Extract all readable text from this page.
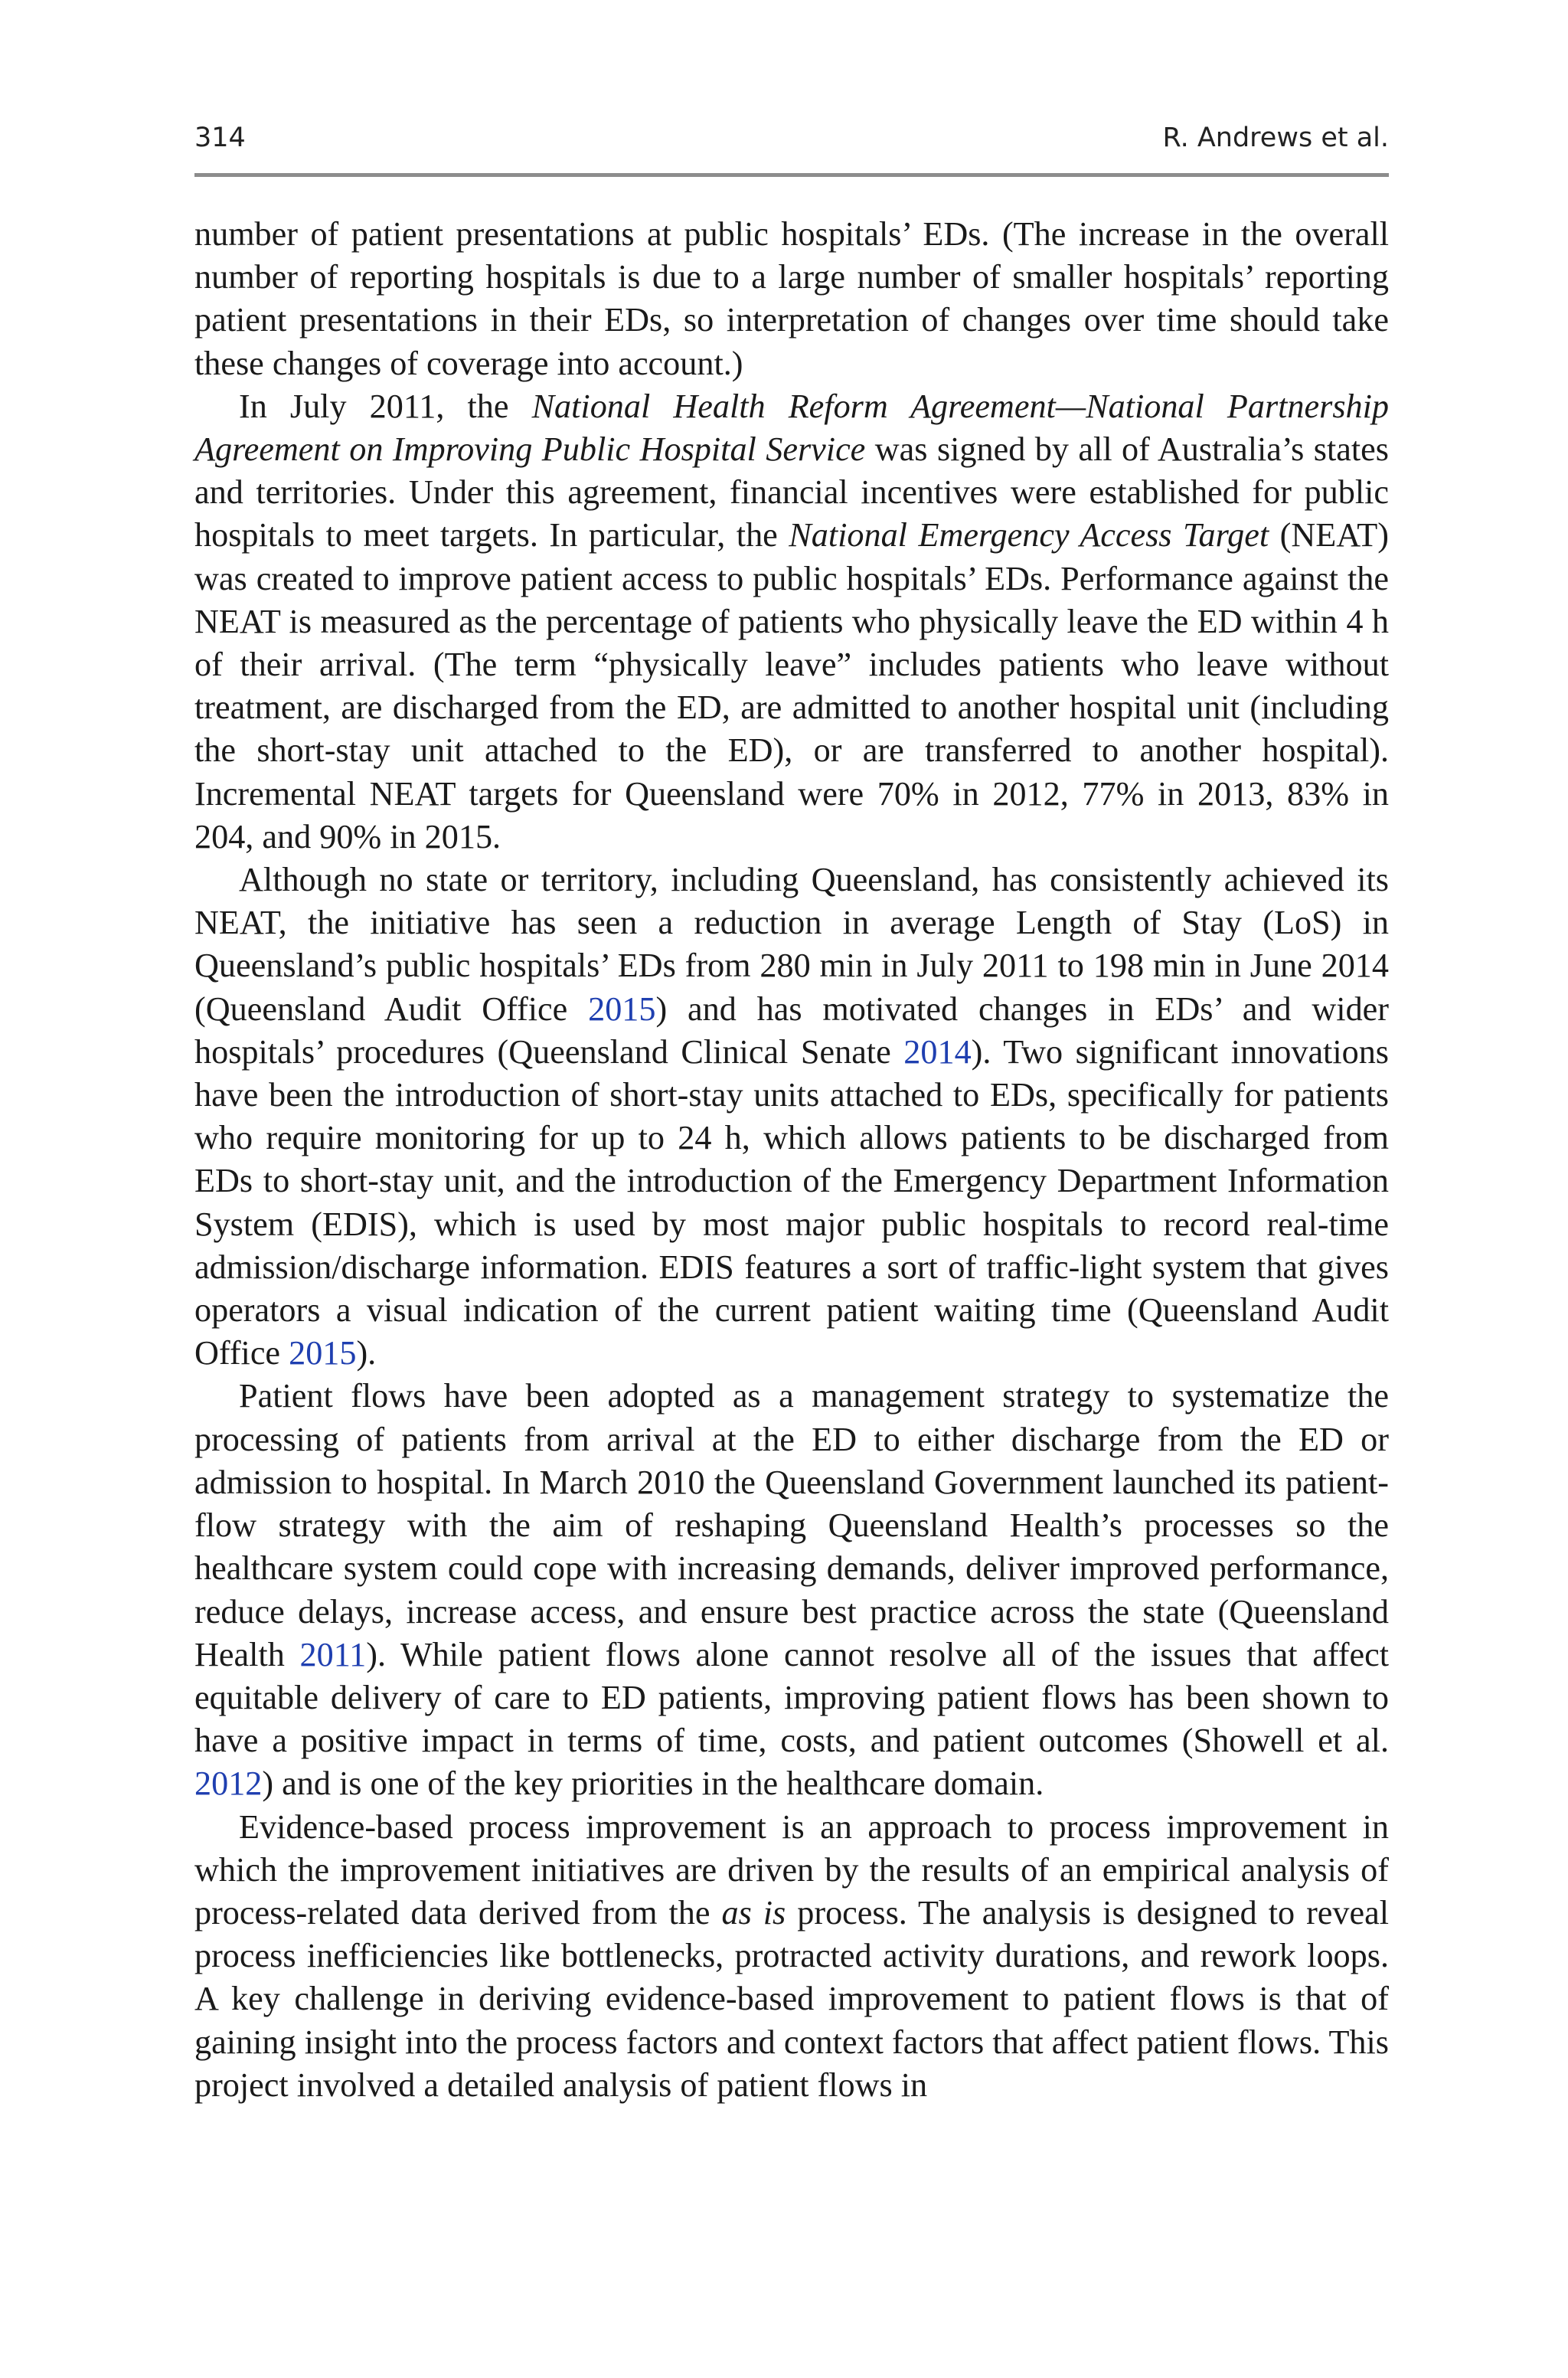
314	R. Andrews et al.

number of patient presentations at public hospitals’ EDs. (The increase in the overall number of reporting hospitals is due to a large number of smaller hospitals’ reporting patient presentations in their EDs, so interpretation of changes over time should take these changes of coverage into account.)

In July 2011, the National Health Reform Agreement—National Partnership Agreement on Improving Public Hospital Service was signed by all of Australia’s states and territories. Under this agreement, financial incentives were established for public hospitals to meet targets. In particular, the National Emergency Access Target (NEAT) was created to improve patient access to public hospitals’ EDs. Performance against the NEAT is measured as the percentage of patients who physically leave the ED within 4 h of their arrival. (The term “physically leave” includes patients who leave without treatment, are discharged from the ED, are admitted to another hospital unit (including the short-stay unit attached to the ED), or are transferred to another hospital). Incremental NEAT targets for Queensland were 70% in 2012, 77% in 2013, 83% in 204, and 90% in 2015.

Although no state or territory, including Queensland, has consistently achieved its NEAT, the initiative has seen a reduction in average Length of Stay (LoS) in Queensland’s public hospitals’ EDs from 280 min in July 2011 to 198 min in June 2014 (Queensland Audit Office 2015) and has motivated changes in EDs’ and wider hospitals’ procedures (Queensland Clinical Senate 2014). Two significant innovations have been the introduction of short-stay units attached to EDs, specifically for patients who require monitoring for up to 24 h, which allows patients to be discharged from EDs to short-stay unit, and the introduction of the Emergency Department Information System (EDIS), which is used by most major public hospitals to record real-time admission/discharge information. EDIS features a sort of traffic-light system that gives operators a visual indication of the current patient waiting time (Queensland Audit Office 2015).

Patient flows have been adopted as a management strategy to systematize the processing of patients from arrival at the ED to either discharge from the ED or admission to hospital. In March 2010 the Queensland Government launched its patient-flow strategy with the aim of reshaping Queensland Health’s processes so the healthcare system could cope with increasing demands, deliver improved performance, reduce delays, increase access, and ensure best practice across the state (Queensland Health 2011). While patient flows alone cannot resolve all of the issues that affect equitable delivery of care to ED patients, improving patient flows has been shown to have a positive impact in terms of time, costs, and patient outcomes (Showell et al. 2012) and is one of the key priorities in the healthcare domain.

Evidence-based process improvement is an approach to process improvement in which the improvement initiatives are driven by the results of an empirical analysis of process-related data derived from the as is process. The analysis is designed to reveal process inefficiencies like bottlenecks, protracted activity durations, and rework loops. A key challenge in deriving evidence-based improvement to patient flows is that of gaining insight into the process factors and context factors that affect patient flows. This project involved a detailed analysis of patient flows in
